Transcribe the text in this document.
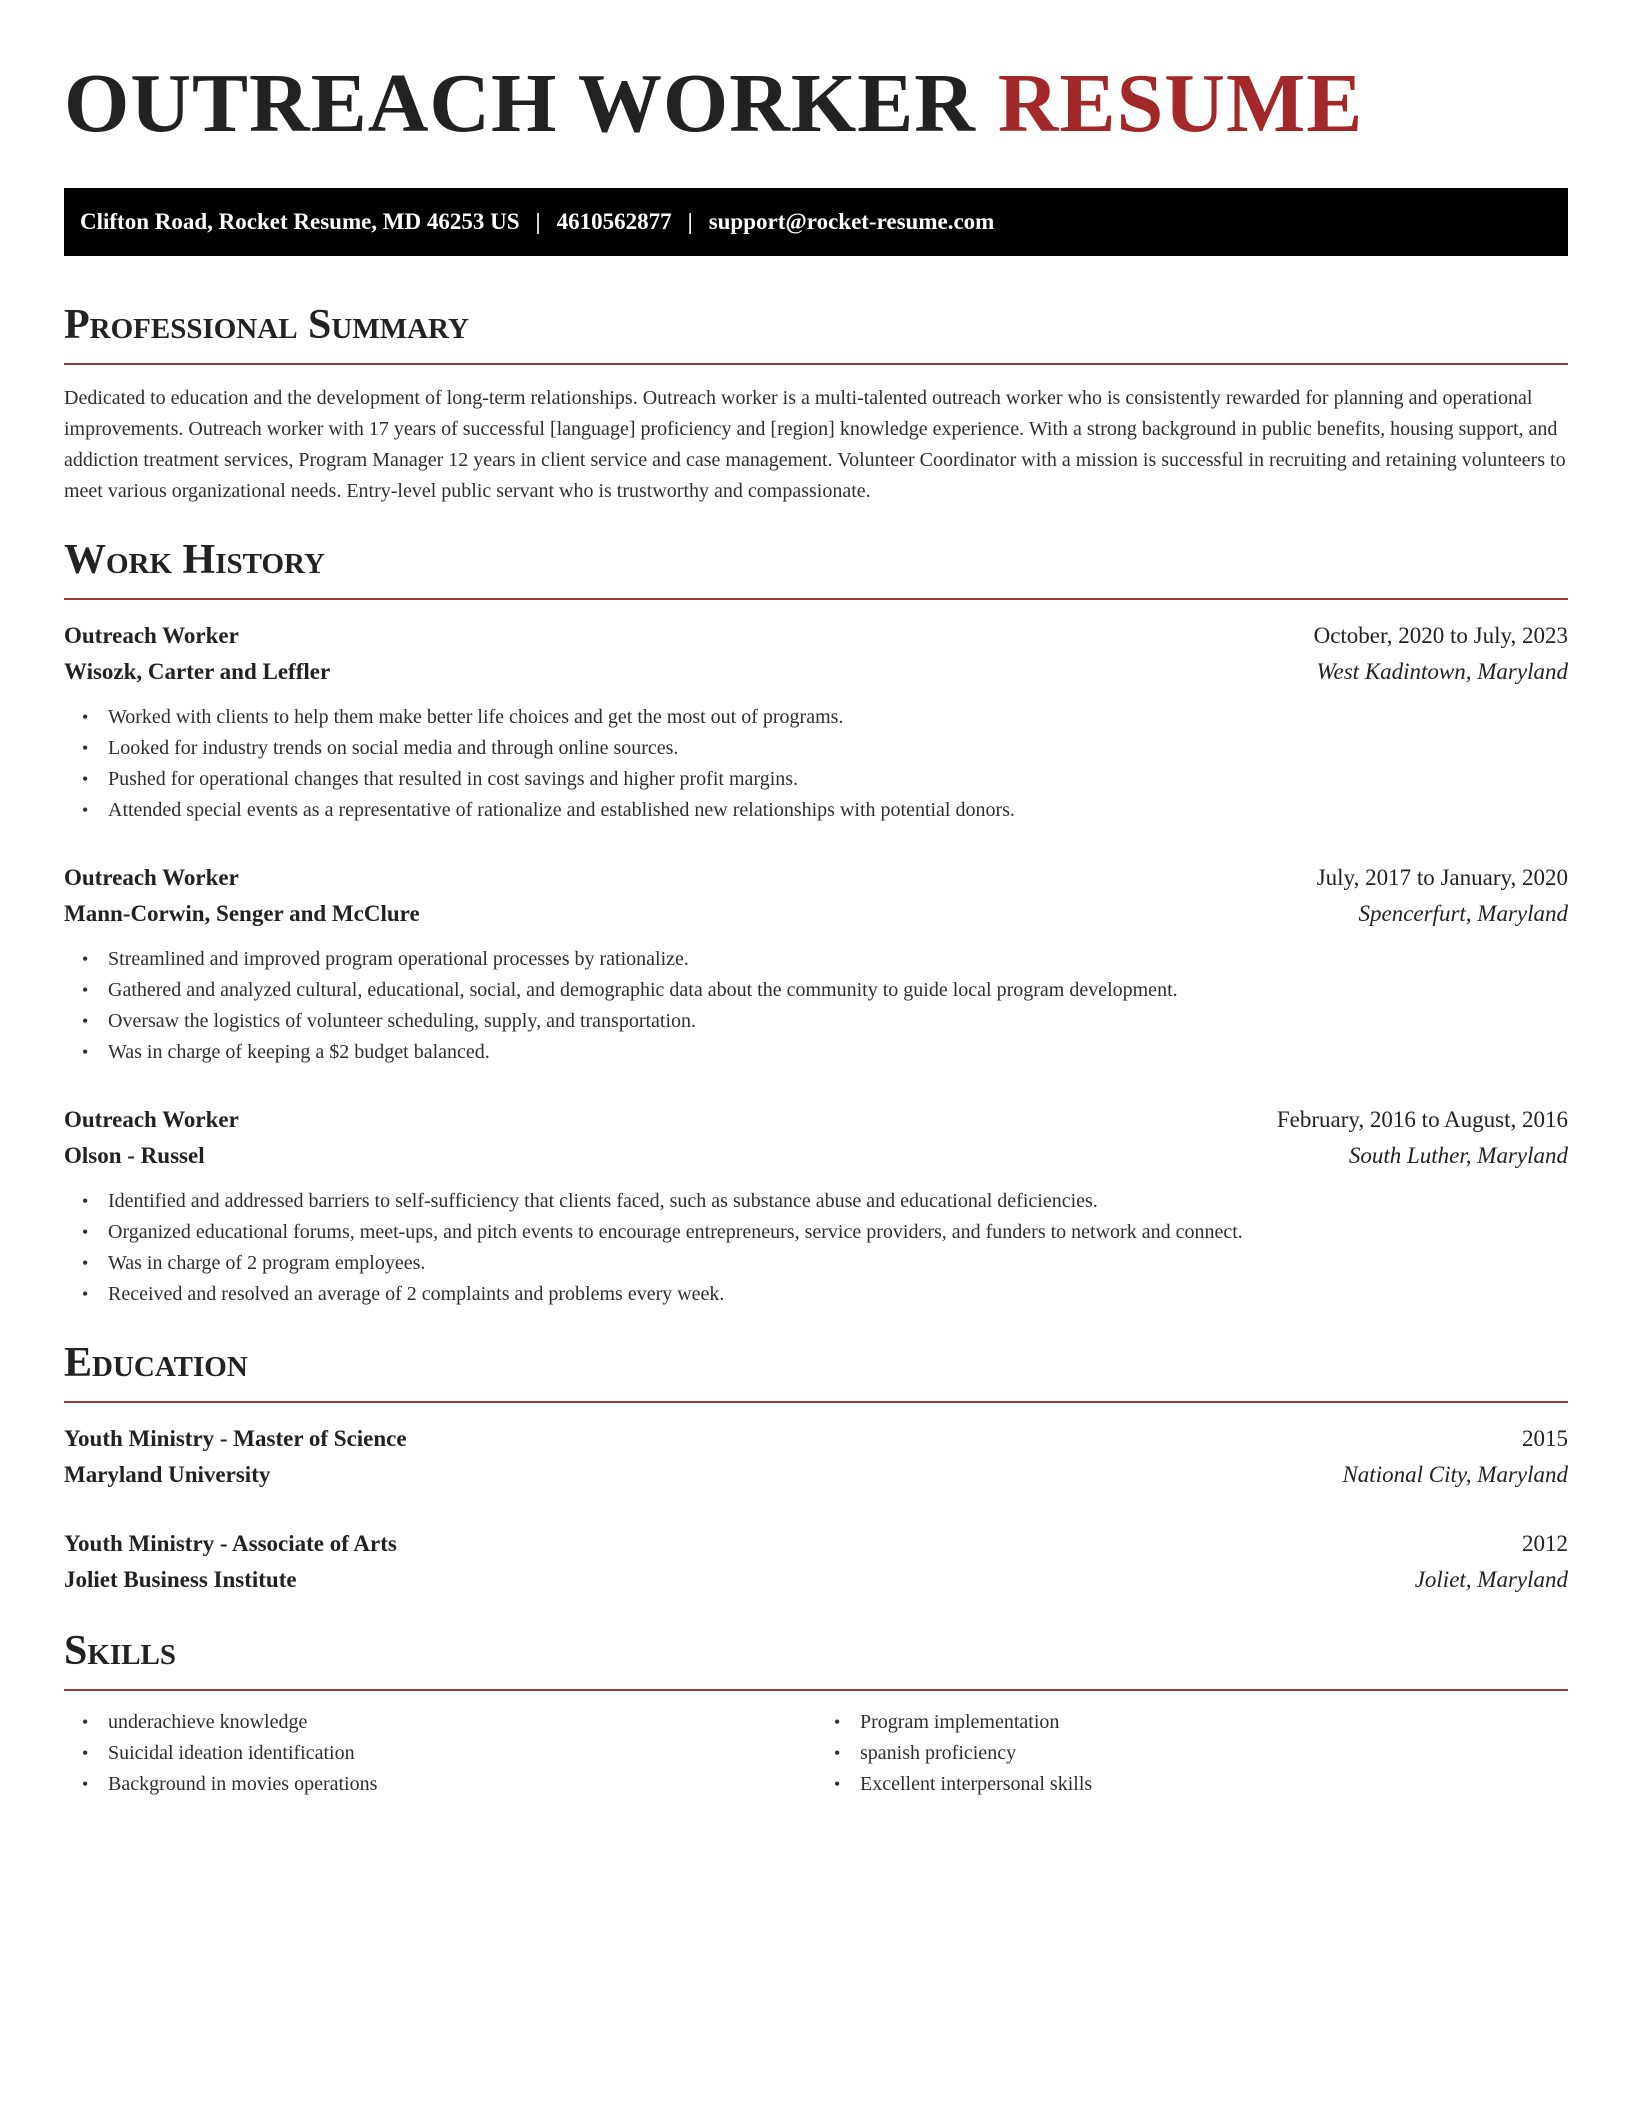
OUTREACH WORKER RESUME
Clifton Road, Rocket Resume, MD 46253 US | 4610562877 | support@rocket-resume.com
Professional Summary

Dedicated to education and the development of long-term relationships. Outreach worker is a multi-talented outreach worker who is consistently rewarded for planning and operational improvements. Outreach worker with 17 years of successful [language] proficiency and [region] knowledge experience. With a strong background in public benefits, housing support, and addiction treatment services, Program Manager 12 years in client service and case management. Volunteer Coordinator with a mission is successful in recruiting and retaining volunteers to meet various organizational needs. Entry-level public servant who is trustworthy and compassionate.

Work History
Outreach Worker	October, 2020 to July, 2023
Wisozk, Carter and Leffler	West Kadintown, Maryland
• Worked with clients to help them make better life choices and get the most out of programs.
• Looked for industry trends on social media and through online sources.
• Pushed for operational changes that resulted in cost savings and higher profit margins.
• Attended special events as a representative of rationalize and established new relationships with potential donors.
Outreach Worker	July, 2017 to January, 2020
Mann-Corwin, Senger and McClure	Spencerfurt, Maryland
• Streamlined and improved program operational processes by rationalize.
• Gathered and analyzed cultural, educational, social, and demographic data about the community to guide local program development.
• Oversaw the logistics of volunteer scheduling, supply, and transportation.
• Was in charge of keeping a $2 budget balanced.
Outreach Worker	February, 2016 to August, 2016
Olson - Russel	South Luther, Maryland
• Identified and addressed barriers to self-sufficiency that clients faced, such as substance abuse and educational deficiencies.
• Organized educational forums, meet-ups, and pitch events to encourage entrepreneurs, service providers, and funders to network and connect.
• Was in charge of 2 program employees.
• Received and resolved an average of 2 complaints and problems every week.
Education
Youth Ministry - Master of Science	2015
Maryland University	National City, Maryland
Youth Ministry - Associate of Arts	2012
Joliet Business Institute	Joliet, Maryland
Skills
• underachieve knowledge
• Suicidal ideation identification
• Background in movies operations
• Program implementation
• spanish proficiency
• Excellent interpersonal skills
